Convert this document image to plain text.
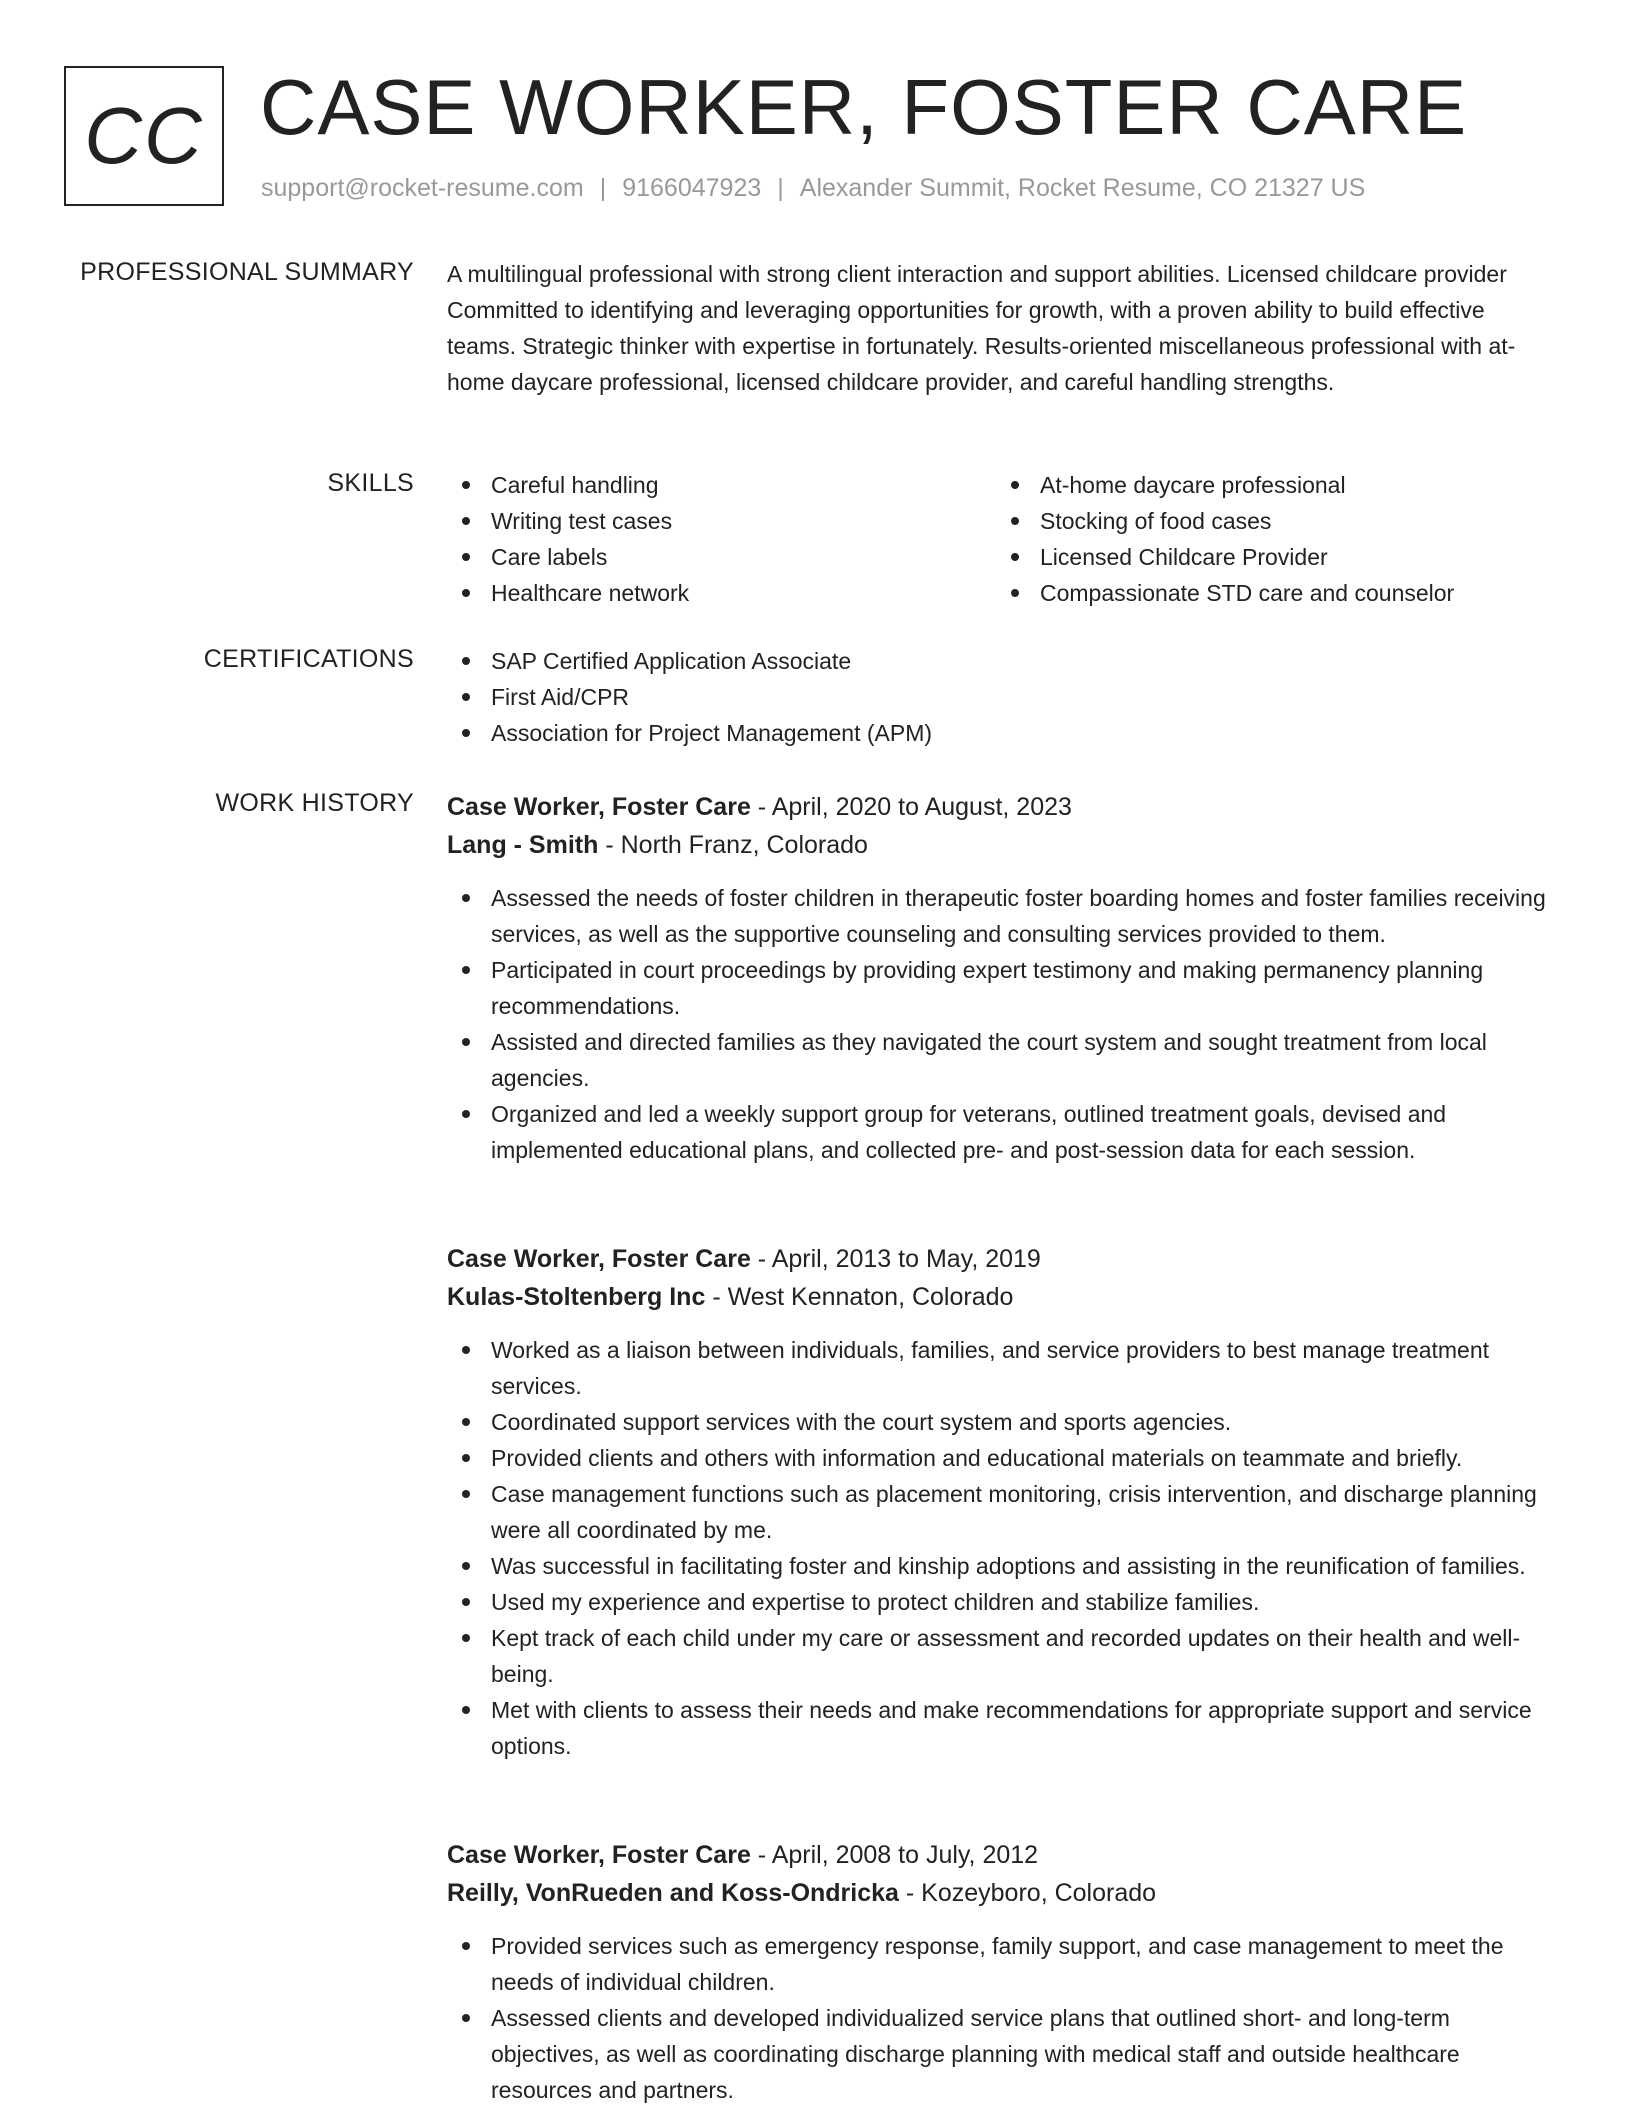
CC CASE WORKER, FOSTER CARE
support@rocket-resume.com | 9166047923 | Alexander Summit, Rocket Resume, CO 21327 US
PROFESSIONAL SUMMARY A multilingual professional with strong client interaction and support abilities. Licensed childcare provider Committed to identifying and leveraging opportunities for growth, with a proven ability to build effective teams. Strategic thinker with expertise in fortunately. Results-oriented miscellaneous professional with at-home daycare professional, licensed childcare provider, and careful handling strengths.

SKILLS	Careful handling
Writing test cases
Care labels
Healthcare network
At-home daycare professional
Stocking of food cases
Licensed Childcare Provider
Compassionate STD care and counselor
CERTIFICATIONS	SAP Certified Application Associate
First Aid/CPR
Association for Project Management (APM)
WORK HISTORY Case Worker, Foster Care - April, 2020 to August, 2023
Lang - Smith - North Franz, Colorado
Assessed the needs of foster children in therapeutic foster boarding homes and foster families receiving services, as well as the supportive counseling and consulting services provided to them.
Participated in court proceedings by providing expert testimony and making permanency planning recommendations.
Assisted and directed families as they navigated the court system and sought treatment from local agencies.
Organized and led a weekly support group for veterans, outlined treatment goals, devised and implemented educational plans, and collected pre- and post-session data for each session.
Case Worker, Foster Care - April, 2013 to May, 2019
Kulas-Stoltenberg Inc - West Kennaton, Colorado
Worked as a liaison between individuals, families, and service providers to best manage treatment services.
Coordinated support services with the court system and sports agencies.
Provided clients and others with information and educational materials on teammate and briefly.
Case management functions such as placement monitoring, crisis intervention, and discharge planning were all coordinated by me.
Was successful in facilitating foster and kinship adoptions and assisting in the reunification of families.
Used my experience and expertise to protect children and stabilize families.
Kept track of each child under my care or assessment and recorded updates on their health and well-being.
Met with clients to assess their needs and make recommendations for appropriate support and service options.
Case Worker, Foster Care - April, 2008 to July, 2012
Reilly, VonRueden and Koss-Ondricka - Kozeyboro, Colorado
Provided services such as emergency response, family support, and case management to meet the needs of individual children.
Assessed clients and developed individualized service plans that outlined short- and long-term objectives, as well as coordinating discharge planning with medical staff and outside healthcare resources and partners.
